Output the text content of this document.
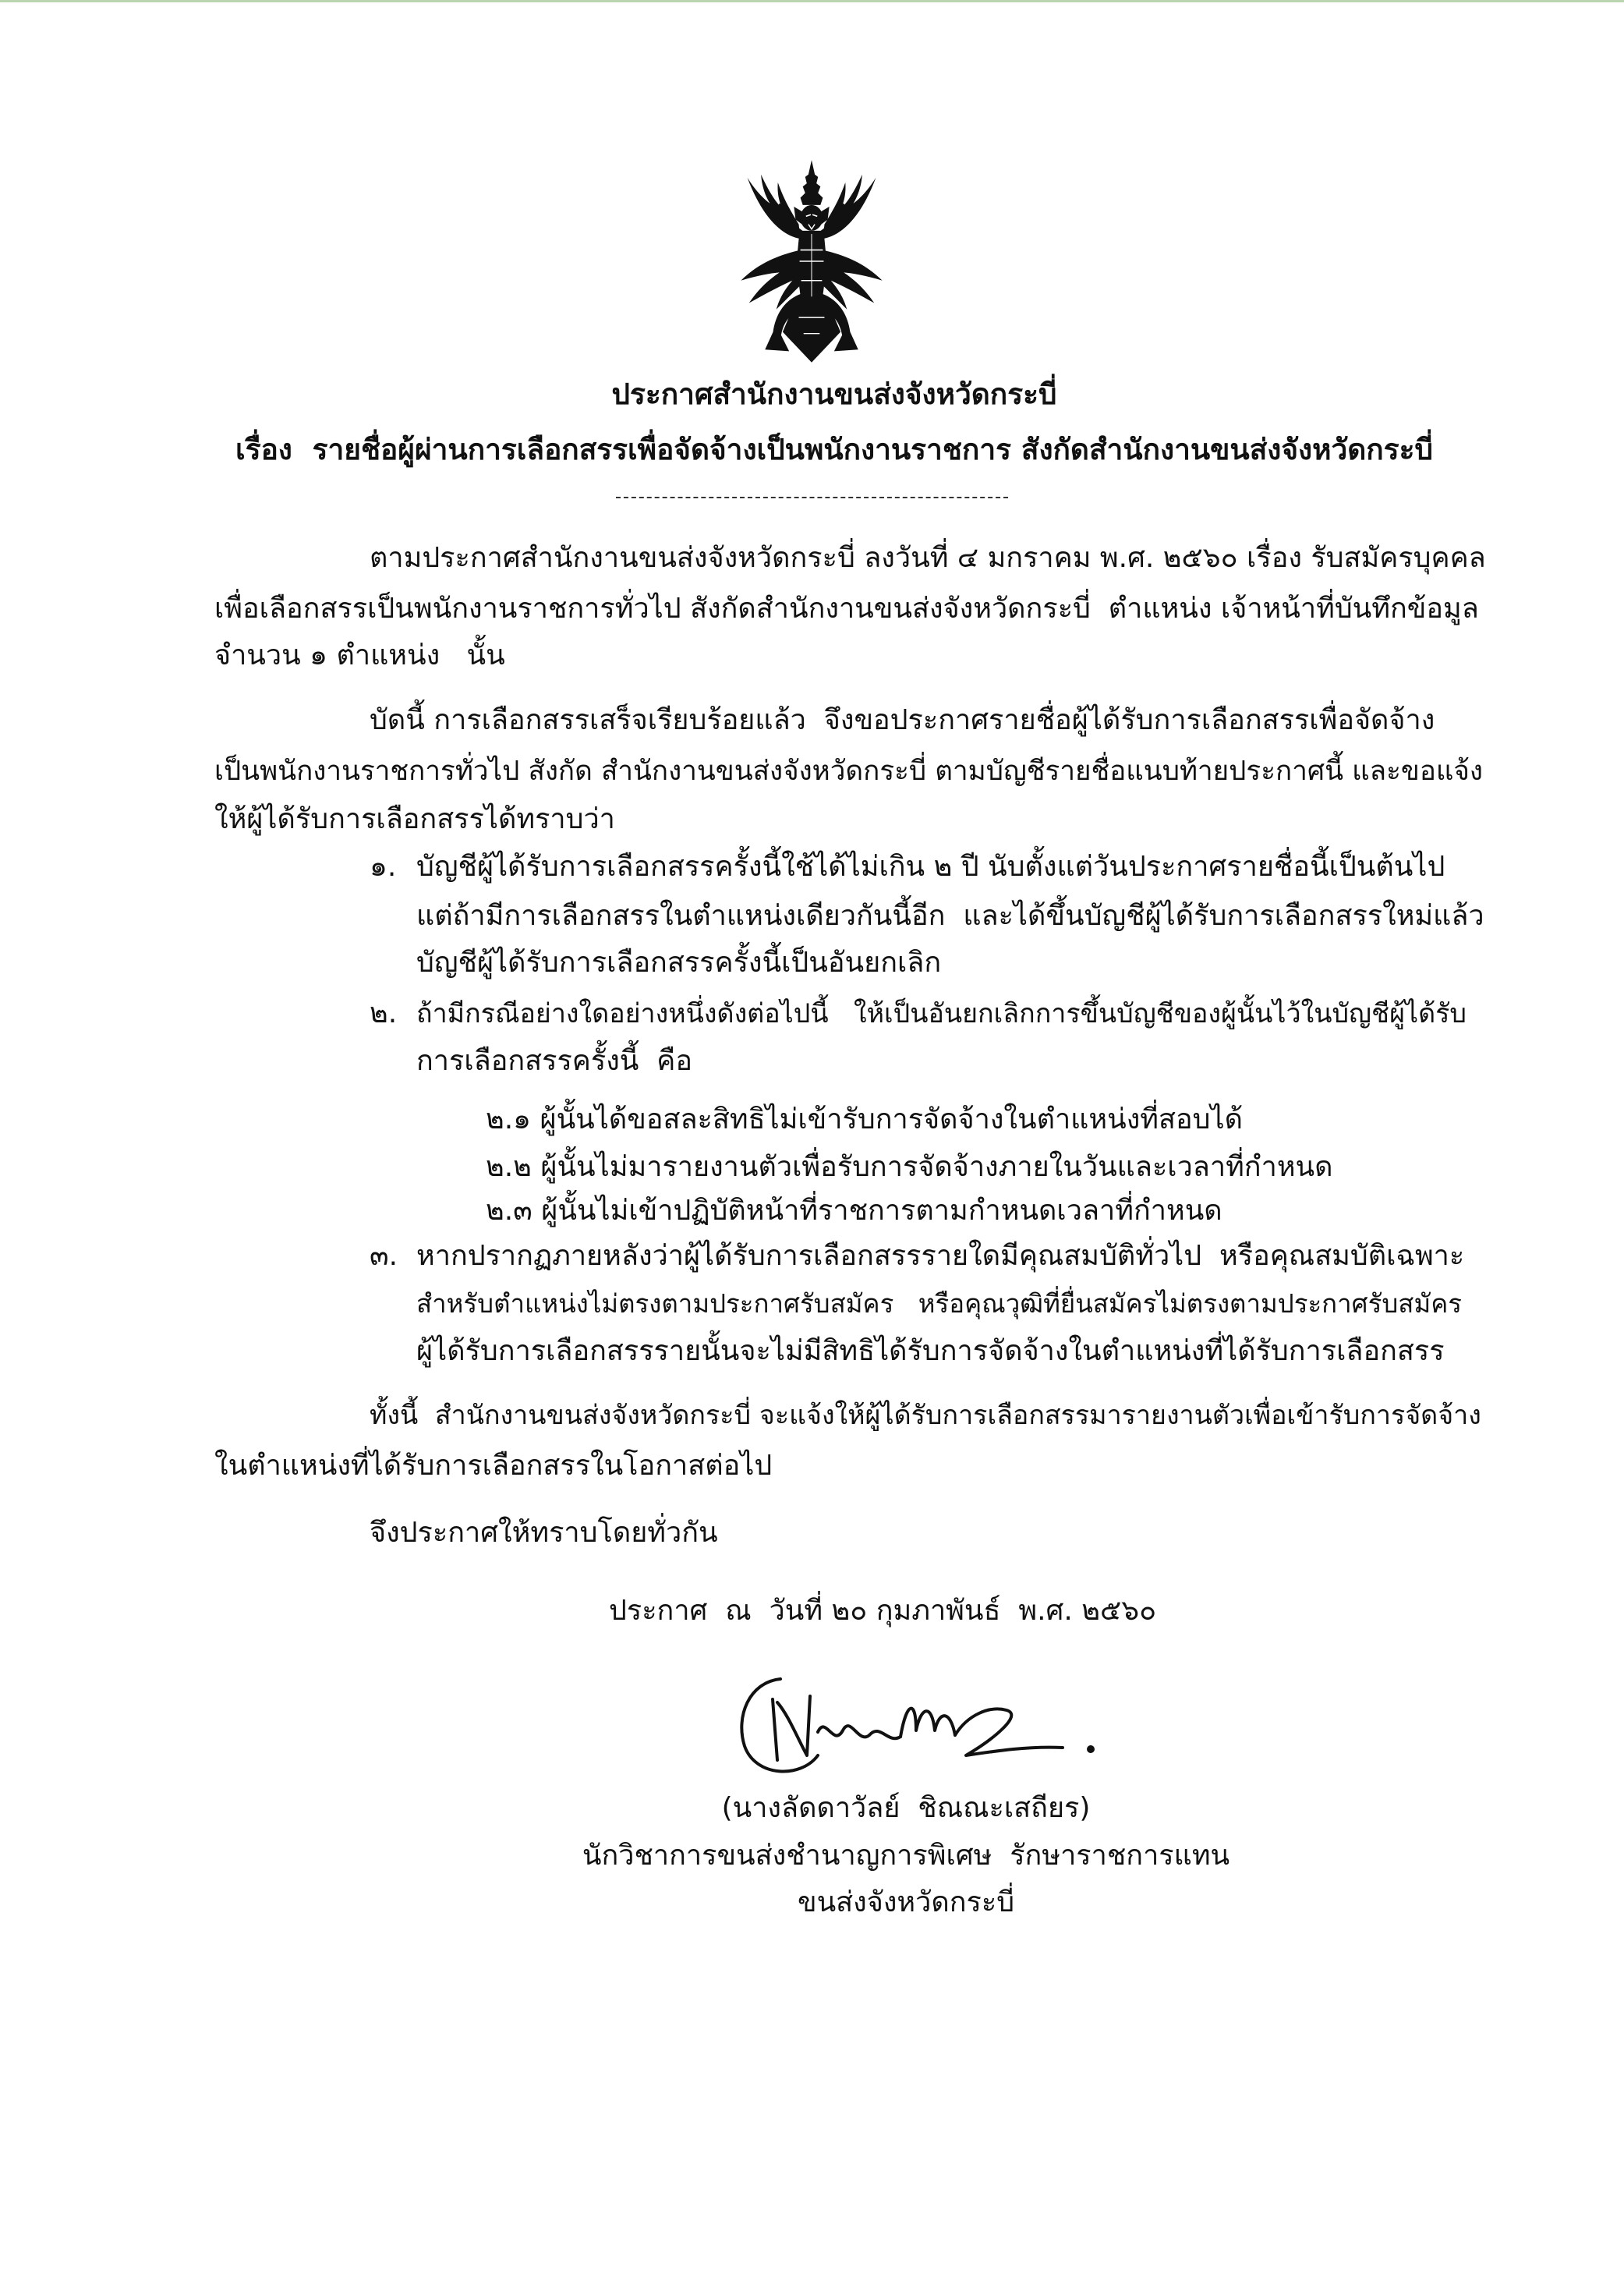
ประกาศสำนักงานขนส่งจังหวัดกระบี่
เรื่อง  รายชื่อผู้ผ่านการเลือกสรรเพื่อจัดจ้างเป็นพนักงานราชการ สังกัดสำนักงานขนส่งจังหวัดกระบี่
ตามประกาศสำนักงานขนส่งจังหวัดกระบี่ ลงวันที่ ๔ มกราคม พ.ศ. ๒๕๖๐ เรื่อง รับสมัครบุคคล
เพื่อเลือกสรรเป็นพนักงานราชการทั่วไป สังกัดสำนักงานขนส่งจังหวัดกระบี่  ตำแหน่ง เจ้าหน้าที่บันทึกข้อมูล
จำนวน ๑ ตำแหน่ง   นั้น
บัดนี้ การเลือกสรรเสร็จเรียบร้อยแล้ว  จึงขอประกาศรายชื่อผู้ได้รับการเลือกสรรเพื่อจัดจ้าง
เป็นพนักงานราชการทั่วไป สังกัด สำนักงานขนส่งจังหวัดกระบี่ ตามบัญชีรายชื่อแนบท้ายประกาศนี้ และขอแจ้ง
ให้ผู้ได้รับการเลือกสรรได้ทราบว่า
๑. บัญชีผู้ได้รับการเลือกสรรครั้งนี้ใช้ได้ไม่เกิน ๒ ปี นับตั้งแต่วันประกาศรายชื่อนี้เป็นต้นไป
แต่ถ้ามีการเลือกสรรในตำแหน่งเดียวกันนี้อีก  และได้ขึ้นบัญชีผู้ได้รับการเลือกสรรใหม่แล้ว
บัญชีผู้ได้รับการเลือกสรรครั้งนี้เป็นอันยกเลิก
๒. ถ้ามีกรณีอย่างใดอย่างหนึ่งดังต่อไปนี้   ให้เป็นอันยกเลิกการขึ้นบัญชีของผู้นั้นไว้ในบัญชีผู้ได้รับ
การเลือกสรรครั้งนี้  คือ
๒.๑ ผู้นั้นได้ขอสละสิทธิไม่เข้ารับการจัดจ้างในตำแหน่งที่สอบได้
๒.๒ ผู้นั้นไม่มารายงานตัวเพื่อรับการจัดจ้างภายในวันและเวลาที่กำหนด
๒.๓ ผู้นั้นไม่เข้าปฏิบัติหน้าที่ราชการตามกำหนดเวลาที่กำหนด
๓. หากปรากฏภายหลังว่าผู้ได้รับการเลือกสรรรายใดมีคุณสมบัติทั่วไป  หรือคุณสมบัติเฉพาะ
สำหรับตำแหน่งไม่ตรงตามประกาศรับสมัคร   หรือคุณวุฒิที่ยื่นสมัครไม่ตรงตามประกาศรับสมัคร
ผู้ได้รับการเลือกสรรรายนั้นจะไม่มีสิทธิได้รับการจัดจ้างในตำแหน่งที่ได้รับการเลือกสรร
ทั้งนี้  สำนักงานขนส่งจังหวัดกระบี่ จะแจ้งให้ผู้ได้รับการเลือกสรรมารายงานตัวเพื่อเข้ารับการจัดจ้าง
ในตำแหน่งที่ได้รับการเลือกสรรในโอกาสต่อไป
จึงประกาศให้ทราบโดยทั่วกัน
ประกาศ  ณ  วันที่ ๒๐ กุมภาพันธ์  พ.ศ. ๒๕๖๐
(นางลัดดาวัลย์  ชิณณะเสถียร)
นักวิชาการขนส่งชำนาญการพิเศษ  รักษาราชการแทน
ขนส่งจังหวัดกระบี่
